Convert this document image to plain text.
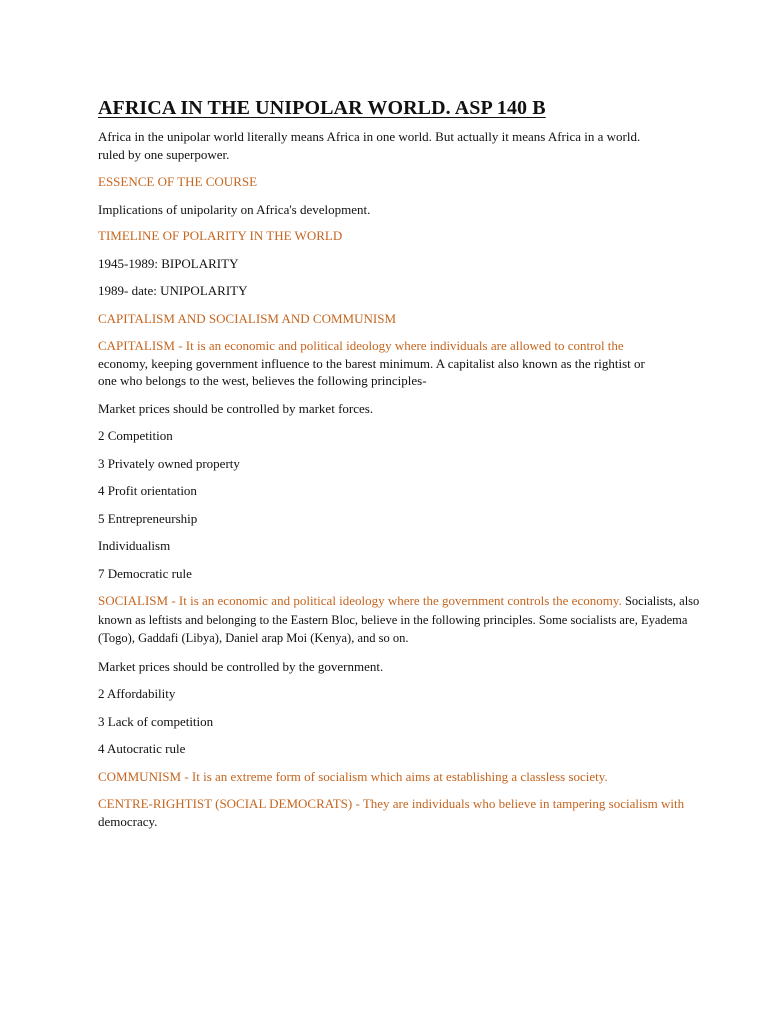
AFRICA IN THE UNIPOLAR WORLD. ASP 140 B

Africa in the unipolar world literally means Africa in one world. But actually it means Africa in a world. ruled by one superpower.

ESSENCE OF THE COURSE

Implications of unipolarity on Africa's development.

TIMELINE OF POLARITY IN THE WORLD

1945-1989: BIPOLARITY

1989- date: UNIPOLARITY

CAPITALISM AND SOCIALISM AND COMMUNISM

CAPITALISM - It is an economic and political ideology where individuals are allowed to control the economy, keeping government influence to the barest minimum. A capitalist also known as the rightist or one who belongs to the west, believes the following principles-

Market prices should be controlled by market forces.

2 Competition

3 Privately owned property

4 Profit orientation

5 Entrepreneurship

Individualism

7 Democratic rule

SOCIALISM - It is an economic and political ideology where the government controls the economy. Socialists, also known as leftists and belonging to the Eastern Bloc, believe in the following principles. Some socialists are, Eyadema (Togo), Gaddafi (Libya), Daniel arap Moi (Kenya), and so on.

Market prices should be controlled by the government.

2 Affordability

3 Lack of competition

4 Autocratic rule

COMMUNISM - It is an extreme form of socialism which aims at establishing a classless society.

CENTRE-RIGHTIST (SOCIAL DEMOCRATS) - They are individuals who believe in tampering socialism with democracy.
